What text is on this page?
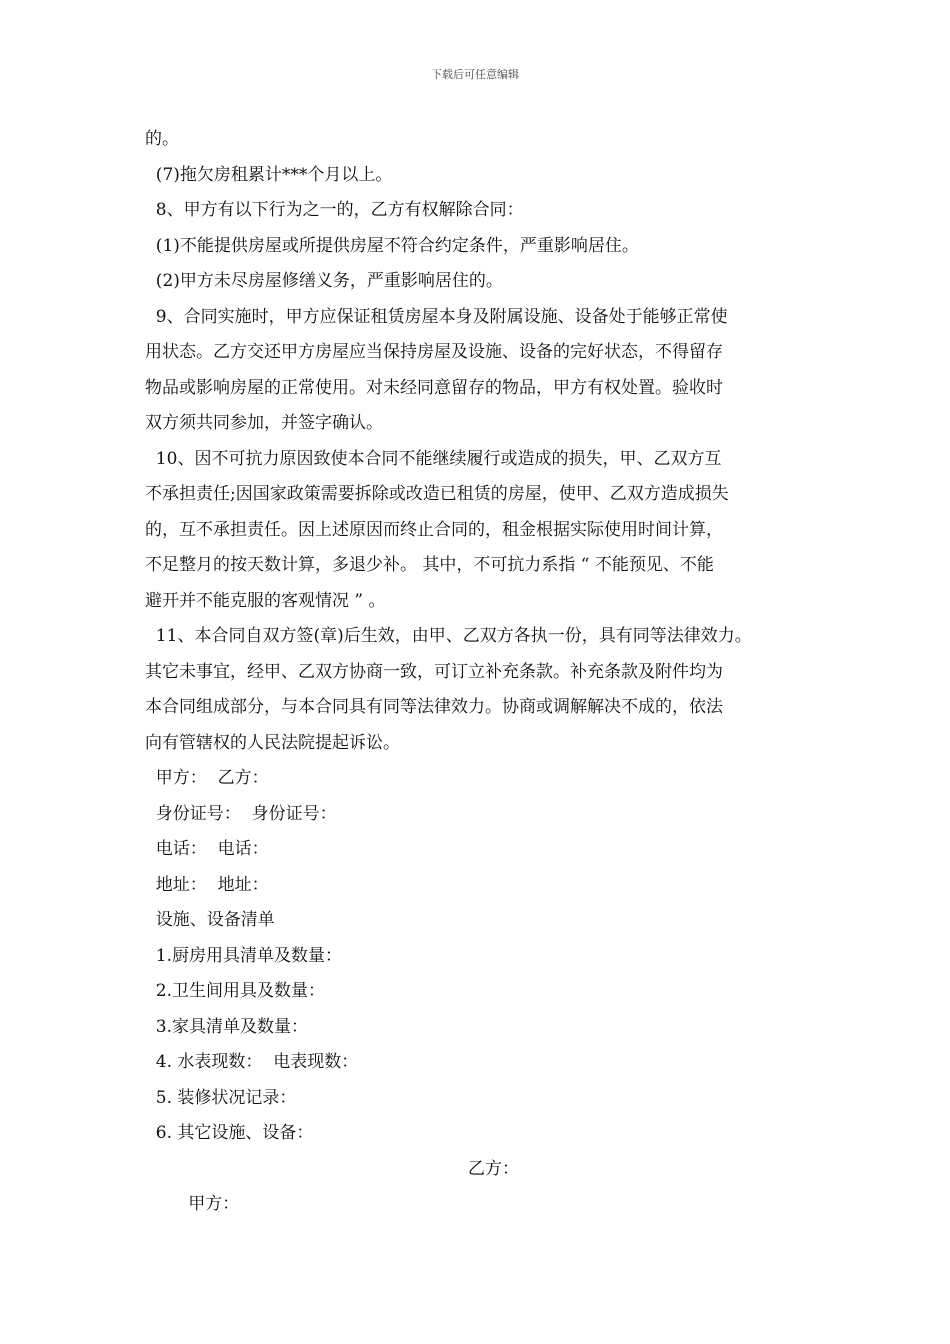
下载后可任意编辑
的。
(7)拖欠房租累计***个月以上。
8、甲方有以下行为之一的，乙方有权解除合同：
(1)不能提供房屋或所提供房屋不符合约定条件，严重影响居住。
(2)甲方未尽房屋修缮义务，严重影响居住的。
9、合同实施时，甲方应保证租赁房屋本身及附属设施、设备处于能够正常使
用状态。乙方交还甲方房屋应当保持房屋及设施、设备的完好状态，不得留存
物品或影响房屋的正常使用。对未经同意留存的物品，甲方有权处置。验收时
双方须共同参加，并签字确认。
10、因不可抗力原因致使本合同不能继续履行或造成的损失，甲、乙双方互
不承担责任;因国家政策需要拆除或改造已租赁的房屋，使甲、乙双方造成损失
的，互不承担责任。因上述原因而终止合同的，租金根据实际使用时间计算，
不足整月的按天数计算，多退少补。 其中，不可抗力系指 “ 不能预见、不能
避开并不能克服的客观情况 ” 。
11、本合同自双方签(章)后生效，由甲、乙双方各执一份，具有同等法律效力。
其它未事宜，经甲、乙双方协商一致，可订立补充条款。补充条款及附件均为
本合同组成部分，与本合同具有同等法律效力。协商或调解解决不成的，依法
向有管辖权的人民法院提起诉讼。
甲方：  乙方：
身份证号：  身份证号：
电话：  电话：
地址：  地址：
设施、设备清单
1.厨房用具清单及数量：
2.卫生间用具及数量：
3.家具清单及数量：
4. 水表现数：  电表现数：
5. 装修状况记录：
6. 其它设施、设备：

甲方：

乙方：
